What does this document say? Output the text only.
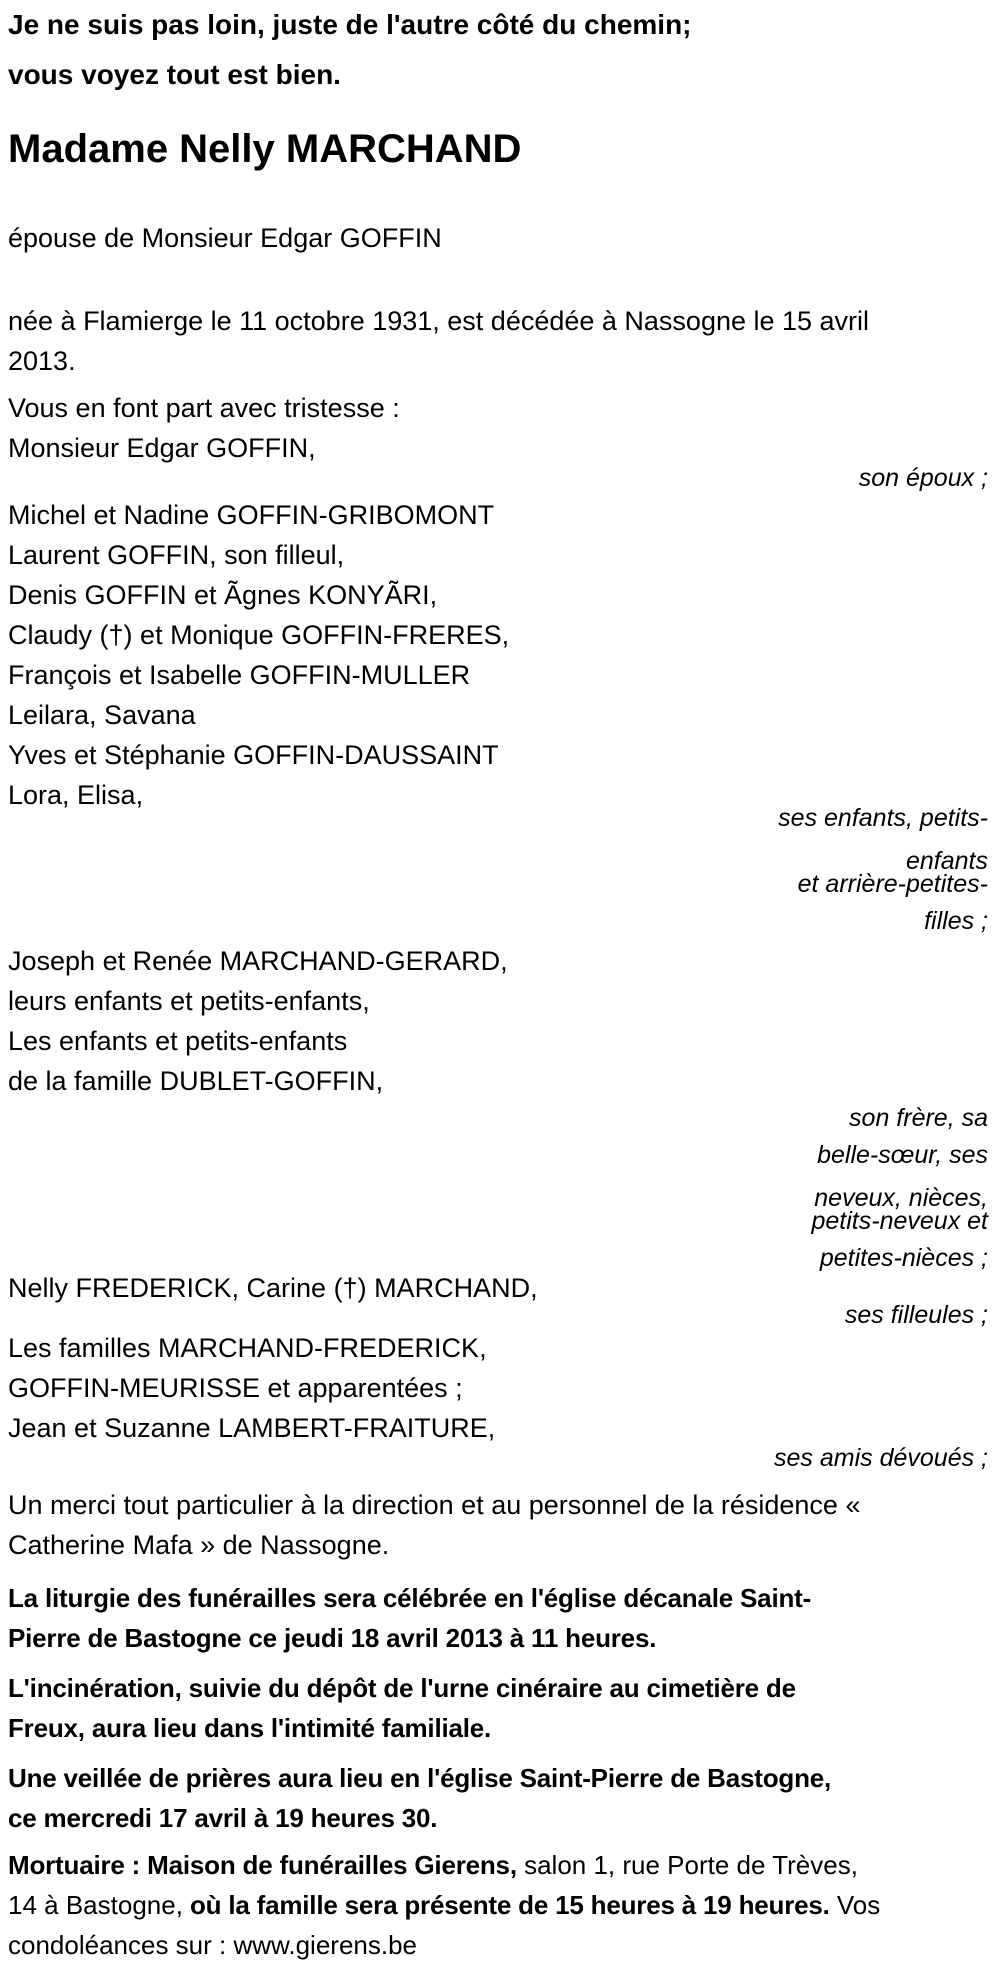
Je ne suis pas loin, juste de l'autre côté du chemin;
vous voyez tout est bien.
Madame Nelly MARCHAND
épouse de Monsieur Edgar GOFFIN
née à Flamierge le 11 octobre 1931, est décédée à Nassogne le 15 avril
2013.
Vous en font part avec tristesse :
Monsieur Edgar GOFFIN,
son époux ;
Michel et Nadine GOFFIN-GRIBOMONT
Laurent GOFFIN, son filleul,
Denis GOFFIN et Ãgnes KONYÃRI,
Claudy (†) et Monique GOFFIN-FRERES,
François et Isabelle GOFFIN-MULLER
Leilara, Savana
Yves et Stéphanie GOFFIN-DAUSSAINT
Lora, Elisa,
ses enfants, petits-
enfants
et arrière-petites-
filles ;
Joseph et Renée MARCHAND-GERARD,
leurs enfants et petits-enfants,
Les enfants et petits-enfants
de la famille DUBLET-GOFFIN,
son frère, sa
belle-sœur, ses
neveux, nièces,
petits-neveux et
petites-nièces ;
Nelly FREDERICK, Carine (†) MARCHAND,
ses filleules ;
Les familles MARCHAND-FREDERICK,
GOFFIN-MEURISSE et apparentées ;
Jean et Suzanne LAMBERT-FRAITURE,
ses amis dévoués ;
Un merci tout particulier à la direction et au personnel de la résidence «
Catherine Mafa » de Nassogne.
La liturgie des funérailles sera célébrée en l'église décanale Saint-
Pierre de Bastogne ce jeudi 18 avril 2013 à 11 heures.
L'incinération, suivie du dépôt de l'urne cinéraire au cimetière de
Freux, aura lieu dans l'intimité familiale.
Une veillée de prières aura lieu en l'église Saint-Pierre de Bastogne,
ce mercredi 17 avril à 19 heures 30.
Mortuaire : Maison de funérailles Gierens, salon 1, rue Porte de Trèves,
14 à Bastogne, où la famille sera présente de 15 heures à 19 heures. Vos
condoléances sur : www.gierens.be
